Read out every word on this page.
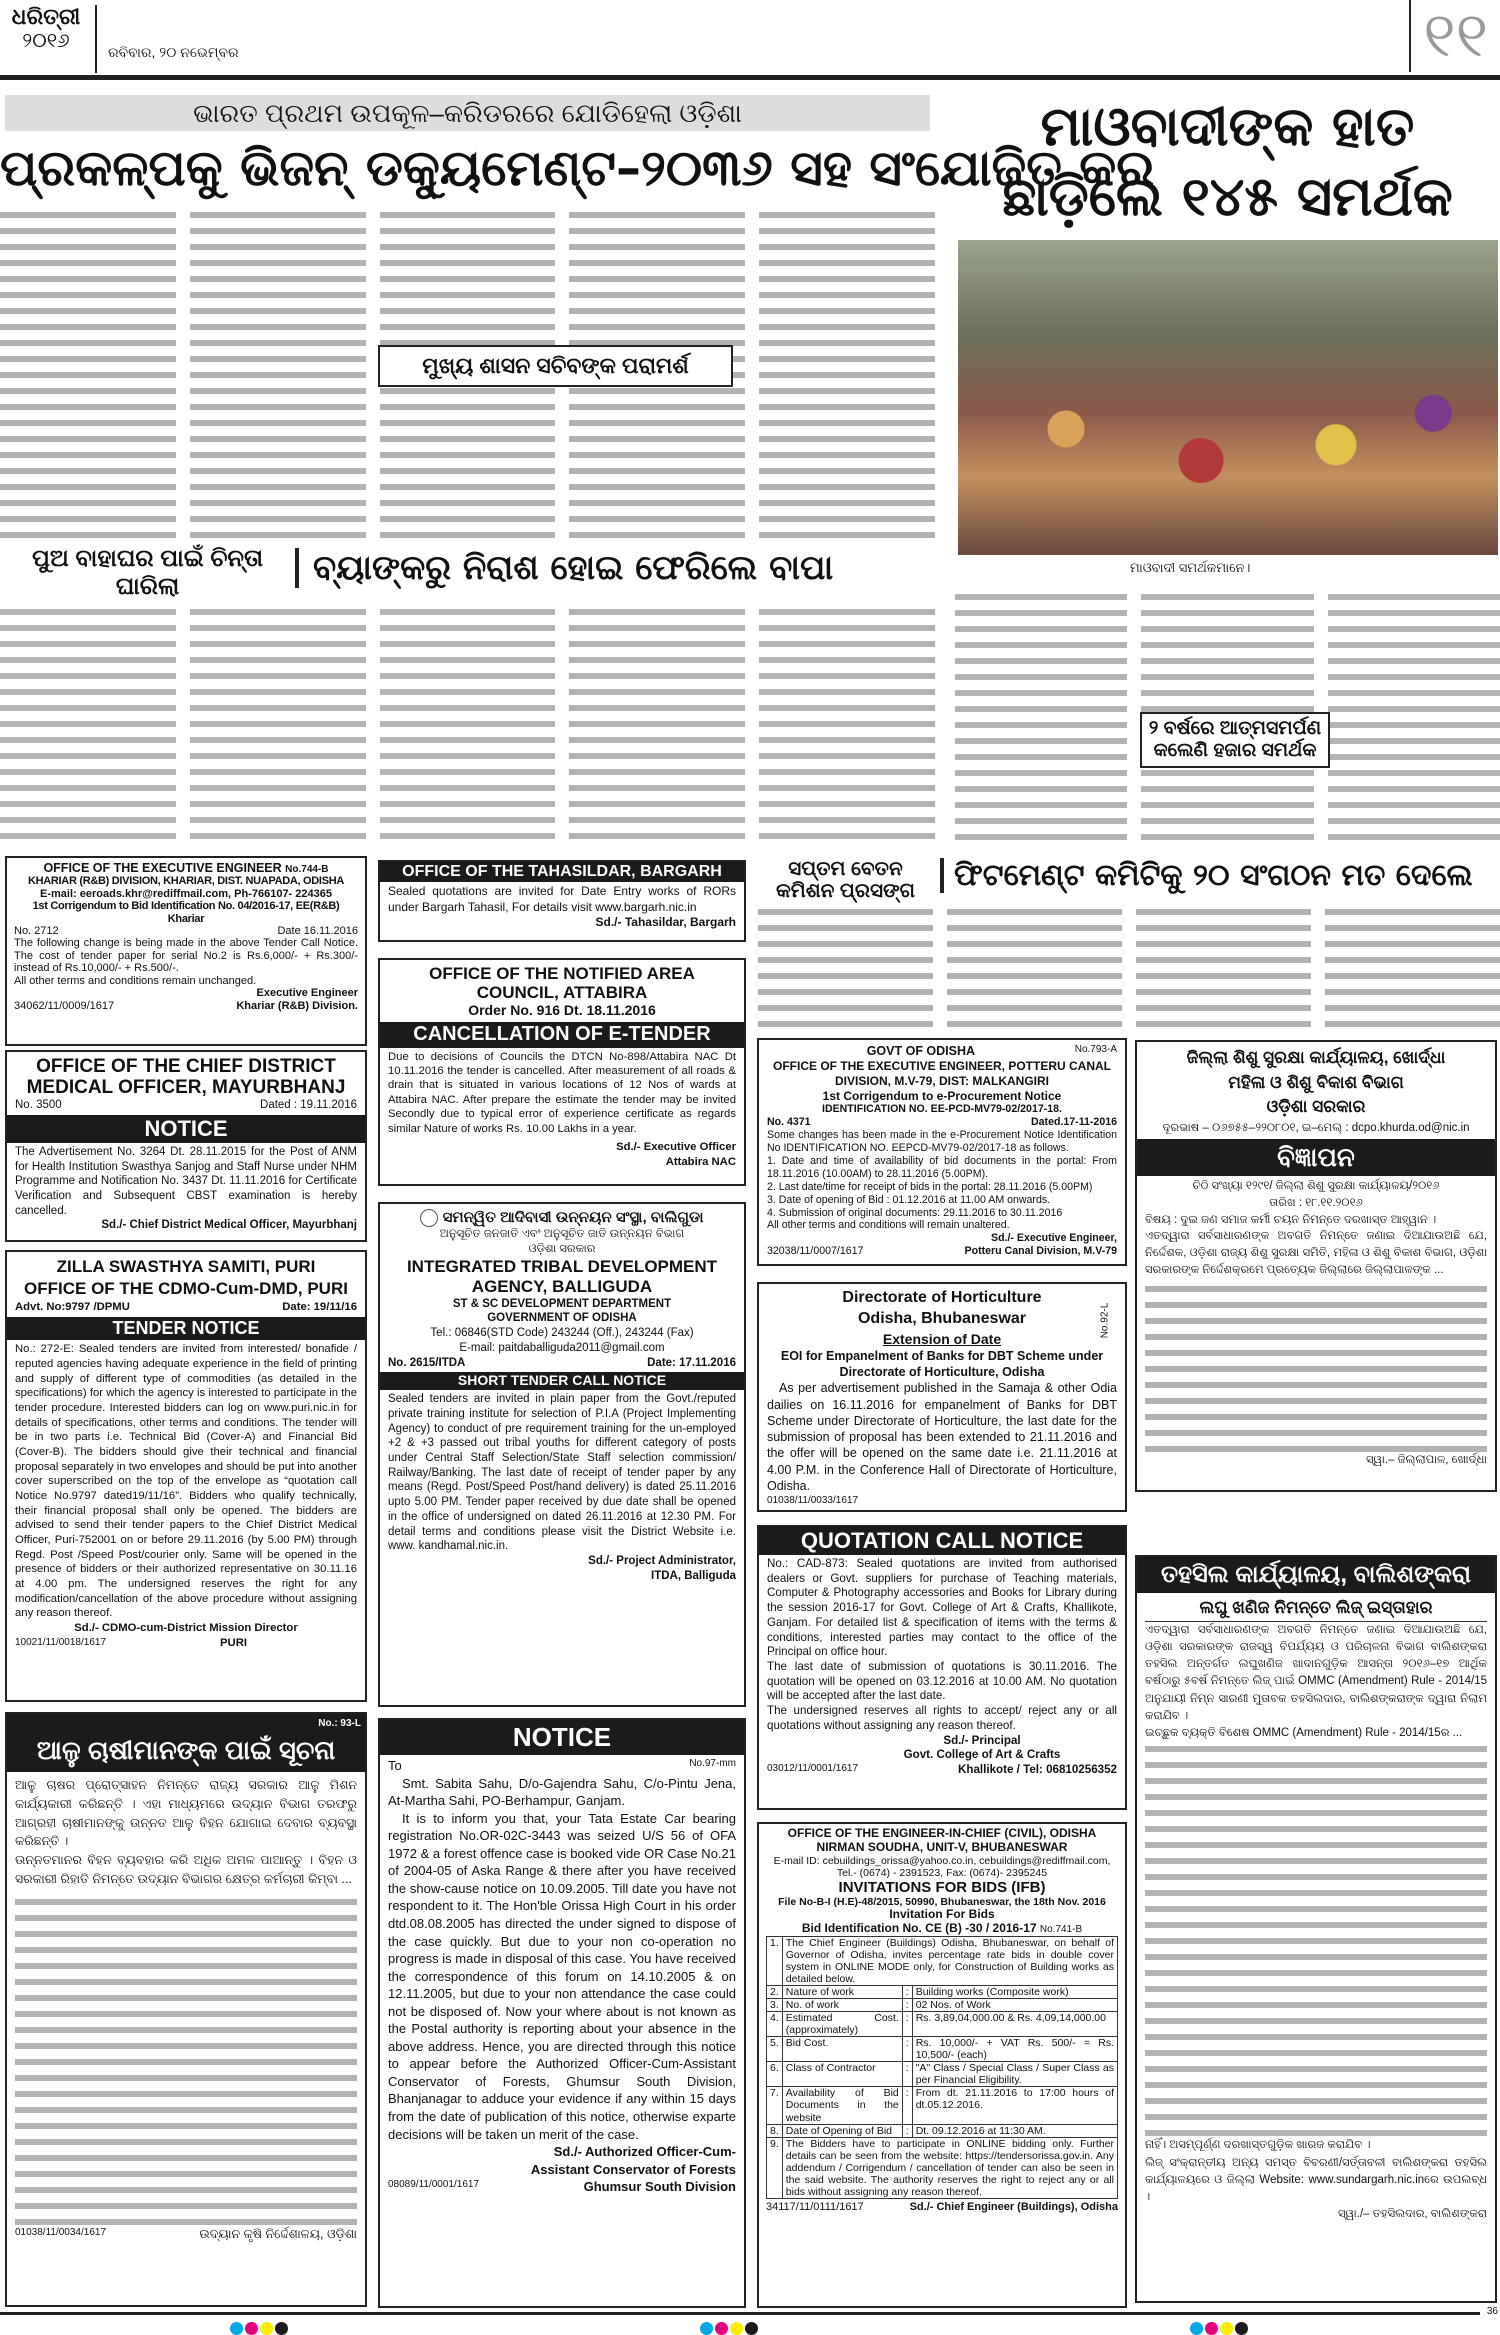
ଧରିତ୍ରୀ
୨୦୧୬	ରବିବାର, ୨୦ ନଭେମ୍ବର	୧୧
ଭାରତ ପ୍ରଥମ ଉପକୂଳ–କରିଡରରେ ଯୋଡିହେଲା ଓଡ଼ିଶା
ପ୍ରକଳ୍ପକୁ ଭିଜନ୍ ଡକ୍ୟୁମେଣ୍ଟ–୨୦୩୬ ସହ ସଂଯୋଜିତ କର
ମୁଖ୍ୟ ଶାସନ ସଚିବଙ୍କ ପରାମର୍ଶ
ମାଓବାଦୀଙ୍କ ହାତ ଛାଡ଼ିଲେ ୧୪୫ ସମର୍ଥକ
ମାଓବାଦୀ ସମର୍ଥକମାନେ।
ପୁଅ ବାହାଘର ପାଇଁ ଚିନ୍ତା ଘାରିଲା	ବ୍ୟାଙ୍କରୁ ନିରାଶ ହୋଇ ଫେରିଲେ ବାପା
୨ ବର୍ଷରେ ଆତ୍ମସମର୍ପଣ କଲେଣି ହଜାର ସମର୍ଥକ
ସପ୍ତମ ବେତନ କମିଶନ ପ୍ରସଙ୍ଗ	ଫିଟମେଣ୍ଟ କମିଟିକୁ ୨୦ ସଂଗଠନ ମତ ଦେଲେ
OFFICE OF THE EXECUTIVE ENGINEER No.744-B
KHARIAR (R&B) DIVISION, KHARIAR, DIST. NUAPADA, ODISHA
E-mail: eeroads.khr@rediffmail.com, Ph-766107- 224365
1st Corrigendum to Bid Identification No. 04/2016-17, EE(R&B) Khariar
No. 2712	Date 16.11.2016
The following change is being made in the above Tender Call Notice. The cost of tender paper for serial No.2 is Rs.6,000/- + Rs.300/- instead of Rs.10,000/- + Rs.500/-.
All other terms and conditions remain unchanged.
Executive Engineer
34062/11/0009/1617	Khariar (R&B) Division.
OFFICE OF THE CHIEF DISTRICT MEDICAL OFFICER, MAYURBHANJ
No. 3500	Dated : 19.11.2016
NOTICE
The Advertisement No. 3264 Dt. 28.11.2015 for the Post of ANM for Health Institution Swasthya Sanjog and Staff Nurse under NHM Programme and Notification No. 3437 Dt. 11.11.2016 for Certificate Verification and Subsequent CBST examination is hereby cancelled.
Sd./- Chief District Medical Officer, Mayurbhanj
ZILLA SWASTHYA SAMITI, PURI
OFFICE OF THE CDMO-Cum-DMD, PURI
Advt. No:9797 /DPMU	Date: 19/11/16
TENDER NOTICE
No.: 272-E: Sealed tenders are invited from interested/ bonafide / reputed agencies having adequate experience in the field of printing and supply of different type of commodities (as detailed in the specifications) for which the agency is interested to participate in the tender procedure. Interested bidders can log on www.puri.nic.in for details of specifications, other terms and conditions. The tender will be in two parts i.e. Technical Bid (Cover-A) and Financial Bid (Cover-B). The bidders should give their technical and financial proposal separately in two envelopes and should be put into another cover superscribed on the top of the envelope as “quotation call Notice No.9797 dated19/11/16”. Bidders who qualify technically, their financial proposal shall only be opened. The bidders are advised to send their tender papers to the Chief District Medical Officer, Puri-752001 on or before 29.11.2016 (by 5.00 PM) through Regd. Post /Speed Post/courier only. Same will be opened in the presence of bidders or their authorized representative on 30.11.16 at 4.00 pm. The undersigned reserves the right for any modification/cancellation of the above procedure without assigning any reason thereof.
Sd./- CDMO-cum-District Mission Director
10021/11/0018/1617	PURI
No.: 93-L
ଆଳୁ ଚାଷୀମାନଙ୍କ ପାଇଁ ସୂଚନା
ଆଳୁ ଚାଷର ପ୍ରୋତ୍ସାହନ ନିମନ୍ତେ ରାଜ୍ୟ ସରକାର ଆଳୁ ମିଶନ କାର୍ଯ୍ୟକାରୀ କରିଛନ୍ତି । ଏହା ମାଧ୍ୟମରେ ଉଦ୍ୟାନ ବିଭାଗ ତରଫରୁ ଆଗ୍ରହୀ ଚାଷୀମାନଙ୍କୁ ଉନ୍ନତ ଆଳୁ ବିହନ ଯୋଗାଇ ଦେବାର ବ୍ୟବସ୍ଥା କରିଛନ୍ତି ।
ଉନ୍ନତମାନର ବିହନ ବ୍ୟବହାର କରି ଅଧିକ ଅମଳ ପାଆନ୍ତୁ । ବିହନ ଓ ସରକାରୀ ରିହାତି ନିମନ୍ତେ ଉଦ୍ୟାନ ବିଭାଗର କ୍ଷେତ୍ର କର୍ମଚାରୀ କିମ୍ବା ...
01038/11/0034/1617	ଉଦ୍ୟାନ କୃଷି ନିର୍ଦ୍ଦେଶାଳୟ, ଓଡ଼ିଶା
OFFICE OF THE TAHASILDAR, BARGARH
Sealed quotations are invited for Date Entry works of RORs under Bargarh Tahasil, For details visit www.bargarh.nic.in
Sd./- Tahasildar, Bargarh
OFFICE OF THE NOTIFIED AREA COUNCIL, ATTABIRA
Order No. 916 Dt. 18.11.2016
CANCELLATION OF E-TENDER
Due to decisions of Councils the DTCN No-898/Attabira NAC Dt 10.11.2016 the tender is cancelled. After measurement of all roads & drain that is situated in various locations of 12 Nos of wards at Attabira NAC. After prepare the estimate the tender may be invited Secondly due to typical error of experience certificate as regards similar Nature of works Rs. 10.00 Lakhs in a year.
Sd./- Executive Officer
Attabira NAC
ସମନ୍ୱିତ ଆଦିବାସୀ ଉନ୍ନୟନ ସଂସ୍ଥା, ବାଲିଗୁଡା
ଅନୁସୂଚିତ ଜନଜାତି ଏବଂ ଅନୁସୂଚିତ ଜାତି ଉନ୍ନୟନ ବିଭାଗ
ଓଡ଼ିଶା ସରକାର
INTEGRATED TRIBAL DEVELOPMENT AGENCY, BALLIGUDA
ST & SC DEVELOPMENT DEPARTMENT
GOVERNMENT OF ODISHA
Tel.: 06846(STD Code) 243244 (Off.), 243244 (Fax)
E-mail: paitdaballiguda2011@gmail.com
No. 2615/ITDA	Date: 17.11.2016
SHORT TENDER CALL NOTICE
Sealed tenders are invited in plain paper from the Govt./reputed private training institute for selection of P.I.A (Project Implementing Agency) to conduct of pre requirement training for the un-employed +2 & +3 passed out tribal youths for different category of posts under Central Staff Selection/State Staff selection commission/ Railway/Banking. The last date of receipt of tender paper by any means (Regd. Post/Speed Post/hand delivery) is dated 25.11.2016 upto 5.00 PM. Tender paper received by due date shall be opened in the office of undersigned on dated 26.11.2016 at 12.30 PM. For detail terms and conditions please visit the District Website i.e. www. kandhamal.nic.in.
Sd./- Project Administrator,
ITDA, Balliguda
NOTICE
To	No.97-mm
Smt. Sabita Sahu, D/o-Gajendra Sahu, C/o-Pintu Jena, At-Martha Sahi, PO-Berhampur, Ganjam.
It is to inform you that, your Tata Estate Car bearing registration No.OR-02C-3443 was seized U/S 56 of OFA 1972 & a forest offence case is booked vide OR Case No.21 of 2004-05 of Aska Range & there after you have received the show-cause notice on 10.09.2005. Till date you have not respondent to it. The Hon'ble Orissa High Court in his order dtd.08.08.2005 has directed the under signed to dispose of the case quickly. But due to your non co-operation no progress is made in disposal of this case. You have received the correspondence of this forum on 14.10.2005 & on 12.11.2005, but due to your non attendance the case could not be disposed of. Now your where about is not known as the Postal authority is reporting about your absence in the above address. Hence, you are directed through this notice to appear before the Authorized Officer-Cum-Assistant Conservator of Forests, Ghumsur South Division, Bhanjanagar to adduce your evidence if any within 15 days from the date of publication of this notice, otherwise exparte decisions will be taken un merit of the case.
Sd./- Authorized Officer-Cum-
Assistant Conservator of Forests
08089/11/0001/1617	Ghumsur South Division
GOVT OF ODISHA	No.793-A
OFFICE OF THE EXECUTIVE ENGINEER, POTTERU CANAL DIVISION, M.V-79, DIST: MALKANGIRI
1st Corrigendum to e-Procurement Notice
IDENTIFICATION NO. EE-PCD-MV79-02/2017-18.
No. 4371	Dated.17-11-2016
Some changes has been made in the e-Procurement Notice Identification No IDENTIFICATION NO. EEPCD-MV79-02/2017-18 as follows.
1. Date and time of availability of bid documents in the portal: From 18.11.2016 (10.00AM) to 28.11.2016 (5.00PM).
2. Last date/time for receipt of bids in the portal: 28.11.2016 (5.00PM)
3. Date of opening of Bid : 01.12.2016 at 11.00 AM onwards.
4. Submission of original documents: 29.11.2016 to 30.11.2016
All other terms and conditions will remain unaltered.
Sd./- Executive Engineer,
32038/11/0007/1617	Potteru Canal Division, M.V-79
Directorate of Horticulture
Odisha, Bhubaneswar
Extension of Date
No.92-L
EOI for Empanelment of Banks for DBT Scheme under Directorate of Horticulture, Odisha
As per advertisement published in the Samaja & other Odia dailies on 16.11.2016 for empanelment of Banks for DBT Scheme under Directorate of Horticulture, the last date for the submission of proposal has been extended to 21.11.2016 and the offer will be opened on the same date i.e. 21.11.2016 at 4.00 P.M. in the Conference Hall of Directorate of Horticulture, Odisha.
01038/11/0033/1617
QUOTATION CALL NOTICE
No.: CAD-873: Sealed quotations are invited from authorised dealers or Govt. suppliers for purchase of Teaching materials, Computer & Photography accessories and Books for Library during the session 2016-17 for Govt. College of Art & Crafts, Khallikote, Ganjam. For detailed list & specification of items with the terms & conditions, interested parties may contact to the office of the Principal on office hour.
The last date of submission of quotations is 30.11.2016. The quotation will be opened on 03.12.2016 at 10.00 AM. No quotation will be accepted after the last date.
The undersigned reserves all rights to accept/ reject any or all quotations without assigning any reason thereof.
Sd./- Principal
Govt. College of Art & Crafts
03012/11/0001/1617	Khallikote / Tel: 06810256352
OFFICE OF THE ENGINEER-IN-CHIEF (CIVIL), ODISHA
NIRMAN SOUDHA, UNIT-V, BHUBANESWAR
E-mail ID: cebuildings_orissa@yahoo.co.in, cebuildings@rediffmail.com,
Tel.- (0674) - 2391523, Fax: (0674)- 2395245
INVITATIONS FOR BIDS (IFB)
File No-B-I (H.E)-48/2015, 50990, Bhubaneswar, the 18th Nov. 2016
Invitation For Bids
Bid Identification No. CE (B) -30 / 2016-17 No.741-B
1.	The Chief Engineer (Buildings) Odisha, Bhubaneswar, on behalf of Governor of Odisha, invites percentage rate bids in double cover system in ONLINE MODE only, for Construction of Building works as detailed below.		
2.	Nature of work	:	Building works (Composite work)
3.	No. of work	:	02 Nos. of Work
4.	Estimated Cost. (approximately)	:	Rs. 3,89,04,000.00 & Rs. 4,09,14,000.00
5.	Bid Cost.	:	Rs. 10,000/- + VAT Rs. 500/- = Rs. 10,500/- (each)
6.	Class of Contractor	:	"A" Class / Special Class / Super Class as per Financial Eligibility.
7.	Availability of Bid Documents in the website	:	From dt. 21.11.2016 to 17:00 hours of dt.05.12.2016.
8.	Date of Opening of Bid	:	Dt. 09.12.2016 at 11:30 AM.
9.	The Bidders have to participate in ONLINE bidding only. Further details can be seen from the website: https://tendersorissa.gov.in. Any addendum / Corrigendum / cancellation of tender can also be seen in the said website. The authority reserves the right to reject any or all bids without assigning any reason thereof.		
34117/11/0111/1617	Sd./- Chief Engineer (Buildings), Odisha
ଜିଲ୍ଲା ଶିଶୁ ସୁରକ୍ଷା କାର୍ଯ୍ୟାଳୟ, ଖୋର୍ଦ୍ଧା
ମହିଳା ଓ ଶିଶୁ ବିକାଶ ବିଭାଗ
ଓଡ଼ିଶା ସରକାର
ଦୂରଭାଷ – ୦୬୭୫୫–୨୨୦୮୦୧, ଇ–ମେଲ୍ : dcpo.khurda.od@nic.in
ବିଜ୍ଞାପନ
ଚିଠି ସଂଖ୍ୟା ୧୨୯୧/ ଜିଲ୍ଲା ଶିଶୁ ସୁରକ୍ଷା କାର୍ଯ୍ୟାଳୟ/୨୦୧୬
ତାରିଖ : ୧୮.୧୧.୨୦୧୬
ବିଷୟ : ଦୁଇ ଜଣ ସମାଜ କର୍ମୀ ଚୟନ ନିମନ୍ତେ ଦରଖାସ୍ତ ଆହ୍ୱାନ ।
ଏତଦ୍ୱାରା ସର୍ବସାଧାରଣଙ୍କ ଅବଗତି ନିମନ୍ତେ ଜଣାଇ ଦିଆଯାଉଅଛି ଯେ, ନିର୍ଦ୍ଦେଶକ, ଓଡ଼ିଶା ରାଜ୍ୟ ଶିଶୁ ସୁରକ୍ଷା ସମିତି, ମହିଳା ଓ ଶିଶୁ ବିକାଶ ବିଭାଗ, ଓଡ଼ିଶା ସରକାରଙ୍କ ନିର୍ଦ୍ଦେଶକ୍ରମେ ପ୍ରତ୍ୟେକ ଜିଲ୍ଲାରେ ଜିଲ୍ଲାପାଳଙ୍କ ...
ସ୍ୱା.– ଜିଲ୍ଲାପାଳ, ଖୋର୍ଦ୍ଧା
ତହସିଲ କାର୍ଯ୍ୟାଳୟ, ବାଲିଶଙ୍କରା
ଲଘୁ ଖଣିଜ ନିମନ୍ତେ ଲିଜ୍ ଇସ୍ତାହାର
ଏତଦ୍ୱାରା ସର୍ବସାଧାରଣଙ୍କ ଅବଗତି ନିମନ୍ତେ ଜଣାଇ ଦିଆଯାଉଅଛି ଯେ, ଓଡ଼ିଶା ସରକାରଙ୍କ ରାଜସ୍ୱ ବିପର୍ଯ୍ୟୟ ଓ ପରିଚାଳନା ବିଭାଗ ବାଲିଶଙ୍କରା ତହସିଲ ଅନ୍ତର୍ଗତ ଲଘୁଖଣିଜ ଖାଦାନଗୁଡ଼ିକ ଆସନ୍ତା ୨୦୧୬–୧୭ ଆର୍ଥିକ ବର୍ଷଠାରୁ ୫ବର୍ଷ ନିମନ୍ତେ ଲିଜ୍ ପାଇଁ OMMC (Amendment) Rule - 2014/15 ଅନୁଯାୟୀ ନିମ୍ନ ସାରଣୀ ମୁତାବକ ତହସିଲଦାର, ବାଲିଶଙ୍କରାଙ୍କ ଦ୍ୱାରା ନିଲାମ କରାଯିବ ।
ଇଚ୍ଛୁକ ବ୍ୟକ୍ତି ବିଶେଷ OMMC (Amendment) Rule - 2014/15ର ...
ନାହିଁ। ଅସମ୍ପୂର୍ଣ୍ଣ ଦରଖାସ୍ତଗୁଡ଼ିକ ଖାରଜ କରାଯିବ ।
ଲିଜ୍ ସଂକ୍ରାନ୍ତୀୟ ଅନ୍ୟ ସମସ୍ତ ବିବରଣୀ/ସର୍ତ୍ତାବଳୀ ବାଲିଶଙ୍କରା ତହସିଲ କାର୍ଯ୍ୟାଳୟରେ ଓ ଜିଲ୍ଲା Website: www.sundargarh.nic.inରେ ଉପଲବ୍ଧ ।
ସ୍ୱା./– ତହସିଲଦାର, ବାଲିଶଙ୍କରା
36
